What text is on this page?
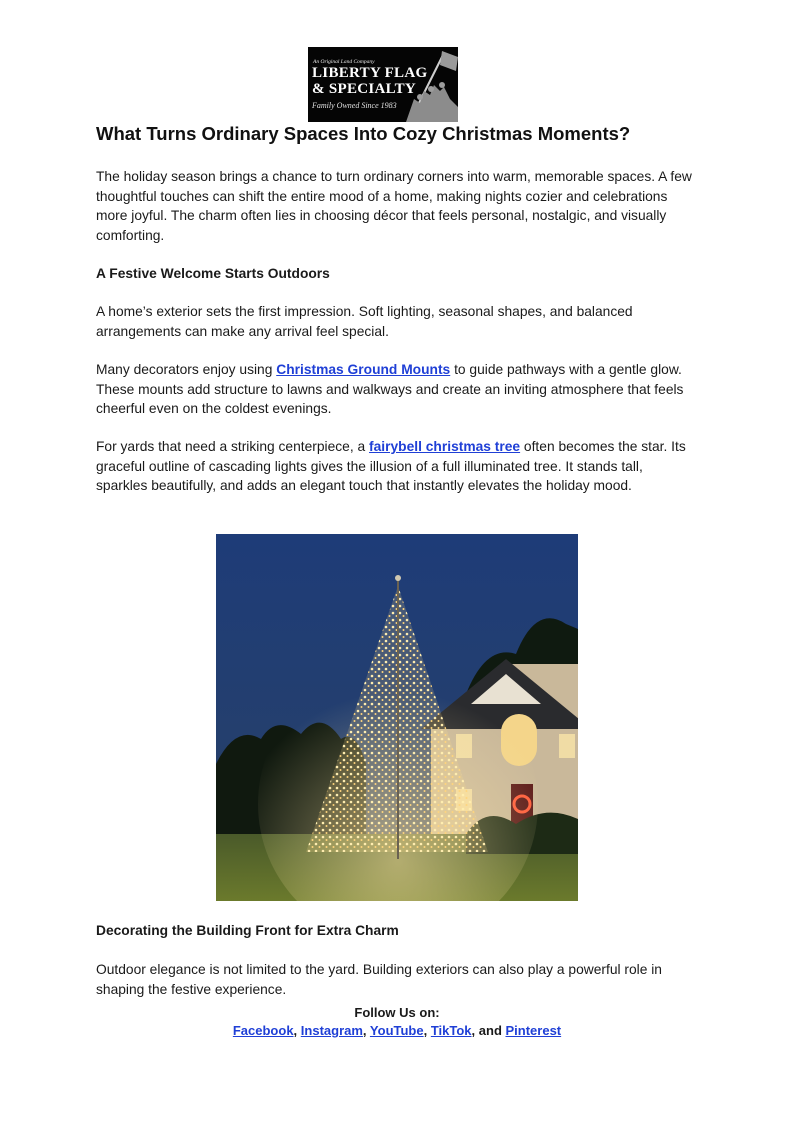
An Original Land Company
LIBERTY FLAG
& SPECIALTY
Family Owned Since 1983
What Turns Ordinary Spaces Into Cozy Christmas Moments?

The holiday season brings a chance to turn ordinary corners into warm, memorable spaces. A few thoughtful touches can shift the entire mood of a home, making nights cozier and celebrations more joyful. The charm often lies in choosing décor that feels personal, nostalgic, and visually comforting.

A Festive Welcome Starts Outdoors

A home’s exterior sets the first impression. Soft lighting, seasonal shapes, and balanced arrangements can make any arrival feel special.

Many decorators enjoy using Christmas Ground Mounts to guide pathways with a gentle glow. These mounts add structure to lawns and walkways and create an inviting atmosphere that feels cheerful even on the coldest evenings.

For yards that need a striking centerpiece, a fairybell christmas tree often becomes the star. Its graceful outline of cascading lights gives the illusion of a full illuminated tree. It stands tall, sparkles beautifully, and adds an elegant touch that instantly elevates the holiday mood.

Decorating the Building Front for Extra Charm

Outdoor elegance is not limited to the yard. Building exteriors can also play a powerful role in shaping the festive experience.

Follow Us on:
Facebook, Instagram, YouTube, TikTok, and Pinterest
